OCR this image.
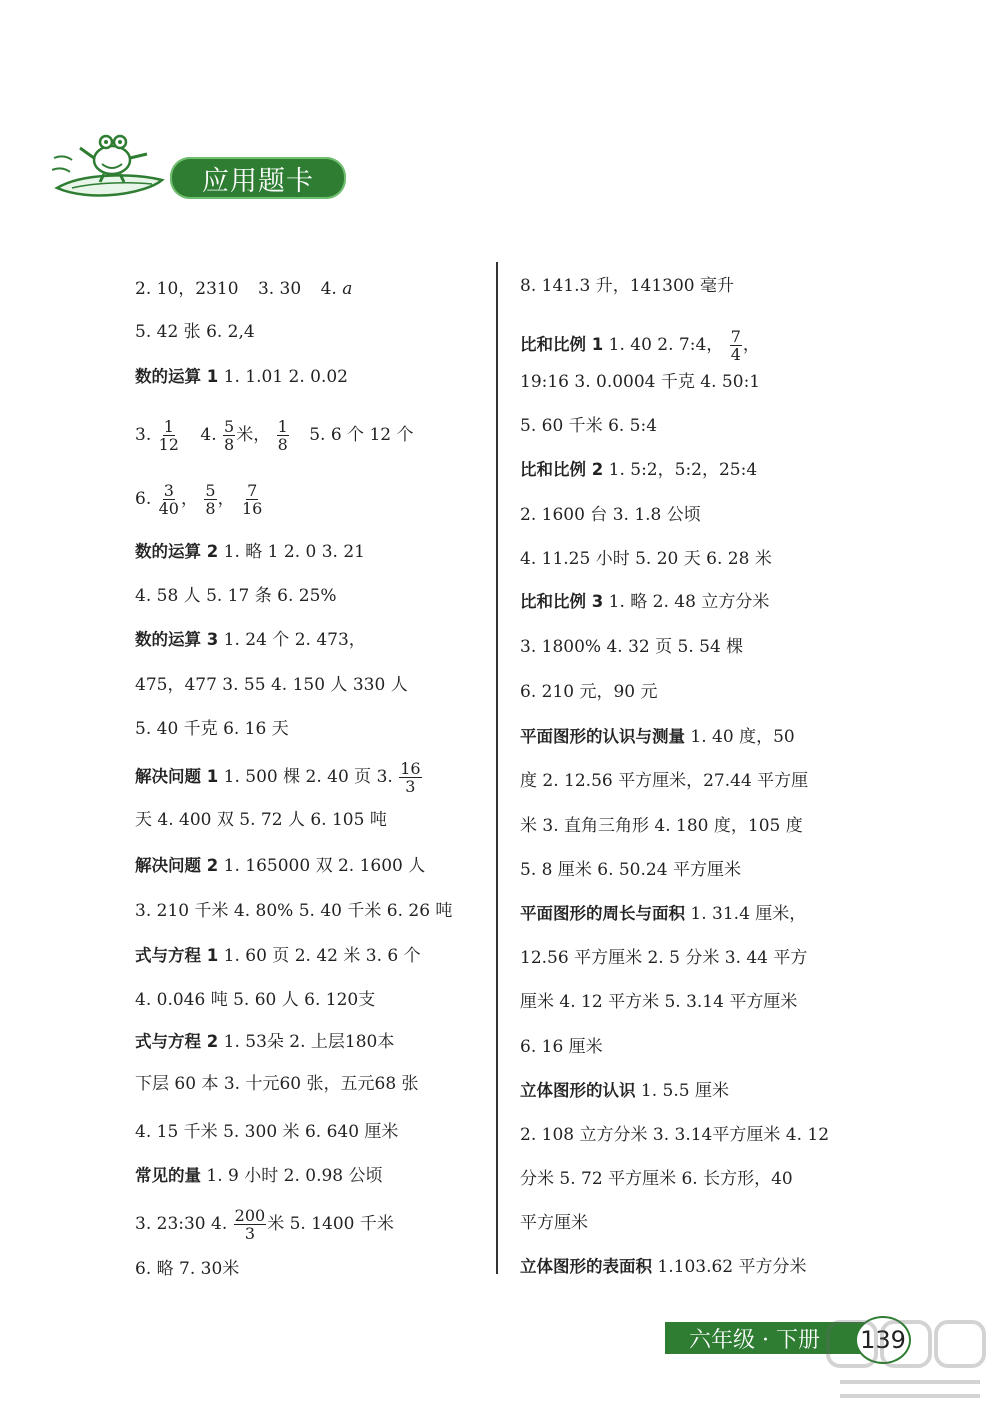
应用题卡
2. 10，2310 3. 30 4. a
5. 42 张 6. 2,4
数的运算 1 1. 1.01 2. 0.02
3. $\frac{1}{12} 4$. $\frac{5}{8}$ 米， $\frac{1}{8} 5$. 6 个 12 个
6. $\frac{3}{40}$ ， $\frac{5}{8}$ ， $\frac{7}{16}$
数的运算 2 1. 略 1 2. 0 3. 21
4. 58 人 5. 17 条 6. 25%
数的运算 3 1. 24 个 2. 473，
475，477 3. 55 4. 150 人 330 人
5. 40 千克 6. 16 天
解决问题 1 1. 500 棵 2. 40 页 3. $\frac{16}{3}$
天 4. 400 双 5. 72 人 6. 105 吨
解决问题 2 1. 165000 双 2. 1600 人
3. 210 千米 4. 80% 5. 40 千米 6. 26 吨
式与方程 1 1. 60 页 2. 42 米 3. 6 个
4. 0.046 吨 5. 60 人 6. 120支
式与方程 2 1. 53朵 2. 上层180本
下层 60 本 3. 十元60 张，五元68 张
4. 15 千米 5. 300 米 6. 640 厘米
常见的量 1. 9 小时 2. 0.98 公顷
3. 23:30 4. $\frac{200}{3}$ 米 5. 1400 千米
6. 略 7. 30米
8. 141.3 升，141300 毫升
比和比例 1 1. 40 2. 7:4， $\frac{7}{4}$ ，
19:16 3. 0.0004 千克 4. 50:1
5. 60 千米 6. 5:4
比和比例 2 1. 5:2，5:2，25:4
2. 1600 台 3. 1.8 公顷
4. 11.25 小时 5. 20 天 6. 28 米
比和比例 3 1. 略 2. 48 立方分米
3. 1800% 4. 32 页 5. 54 棵
6. 210 元，90 元
平面图形的认识与测量 1. 40 度，50
度 2. 12.56 平方厘米，27.44 平方厘
米 3. 直角三角形 4. 180 度，105 度
5. 8 厘米 6. 50.24 平方厘米
平面图形的周长与面积 1. 31.4 厘米，
12.56 平方厘米 2. 5 分米 3. 44 平方
厘米 4. 12 平方米 5. 3.14 平方厘米
6. 16 厘米
立体图形的认识 1. 5.5 厘米
2. 108 立方分米 3. 3.14平方厘米 4. 12
分米 5. 72 平方厘米 6. 长方形，40
平方厘米
立体图形的表面积 1.103.62 平方分米
六年级 · 下册	139
